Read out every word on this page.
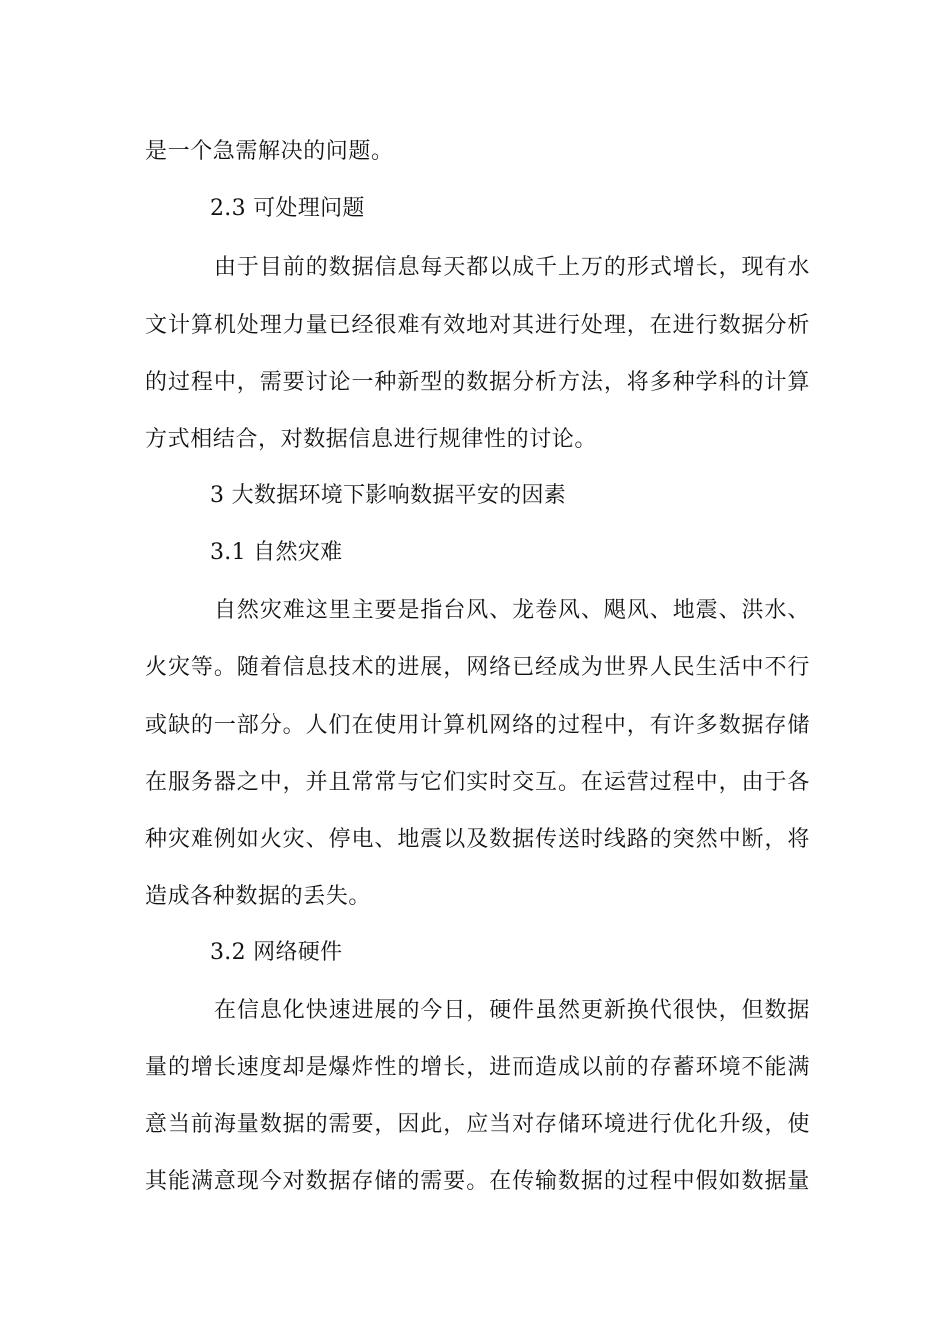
是一个急需解决的问题。
2.3 可处理问题
由于目前的数据信息每天都以成千上万的形式增长，现有水
文计算机处理力量已经很难有效地对其进行处理，在进行数据分析
的过程中，需要讨论一种新型的数据分析方法，将多种学科的计算
方式相结合，对数据信息进行规律性的讨论。
3 大数据环境下影响数据平安的因素
3.1 自然灾难
自然灾难这里主要是指台风、龙卷风、飓风、地震、洪水、
火灾等。随着信息技术的进展，网络已经成为世界人民生活中不行
或缺的一部分。人们在使用计算机网络的过程中，有许多数据存储
在服务器之中，并且常常与它们实时交互。在运营过程中，由于各
种灾难例如火灾、停电、地震以及数据传送时线路的突然中断，将
造成各种数据的丢失。
3.2 网络硬件
在信息化快速进展的今日，硬件虽然更新换代很快，但数据
量的增长速度却是爆炸性的增长，进而造成以前的存蓄环境不能满
意当前海量数据的需要，因此，应当对存储环境进行优化升级，使
其能满意现今对数据存储的需要。在传输数据的过程中假如数据量
